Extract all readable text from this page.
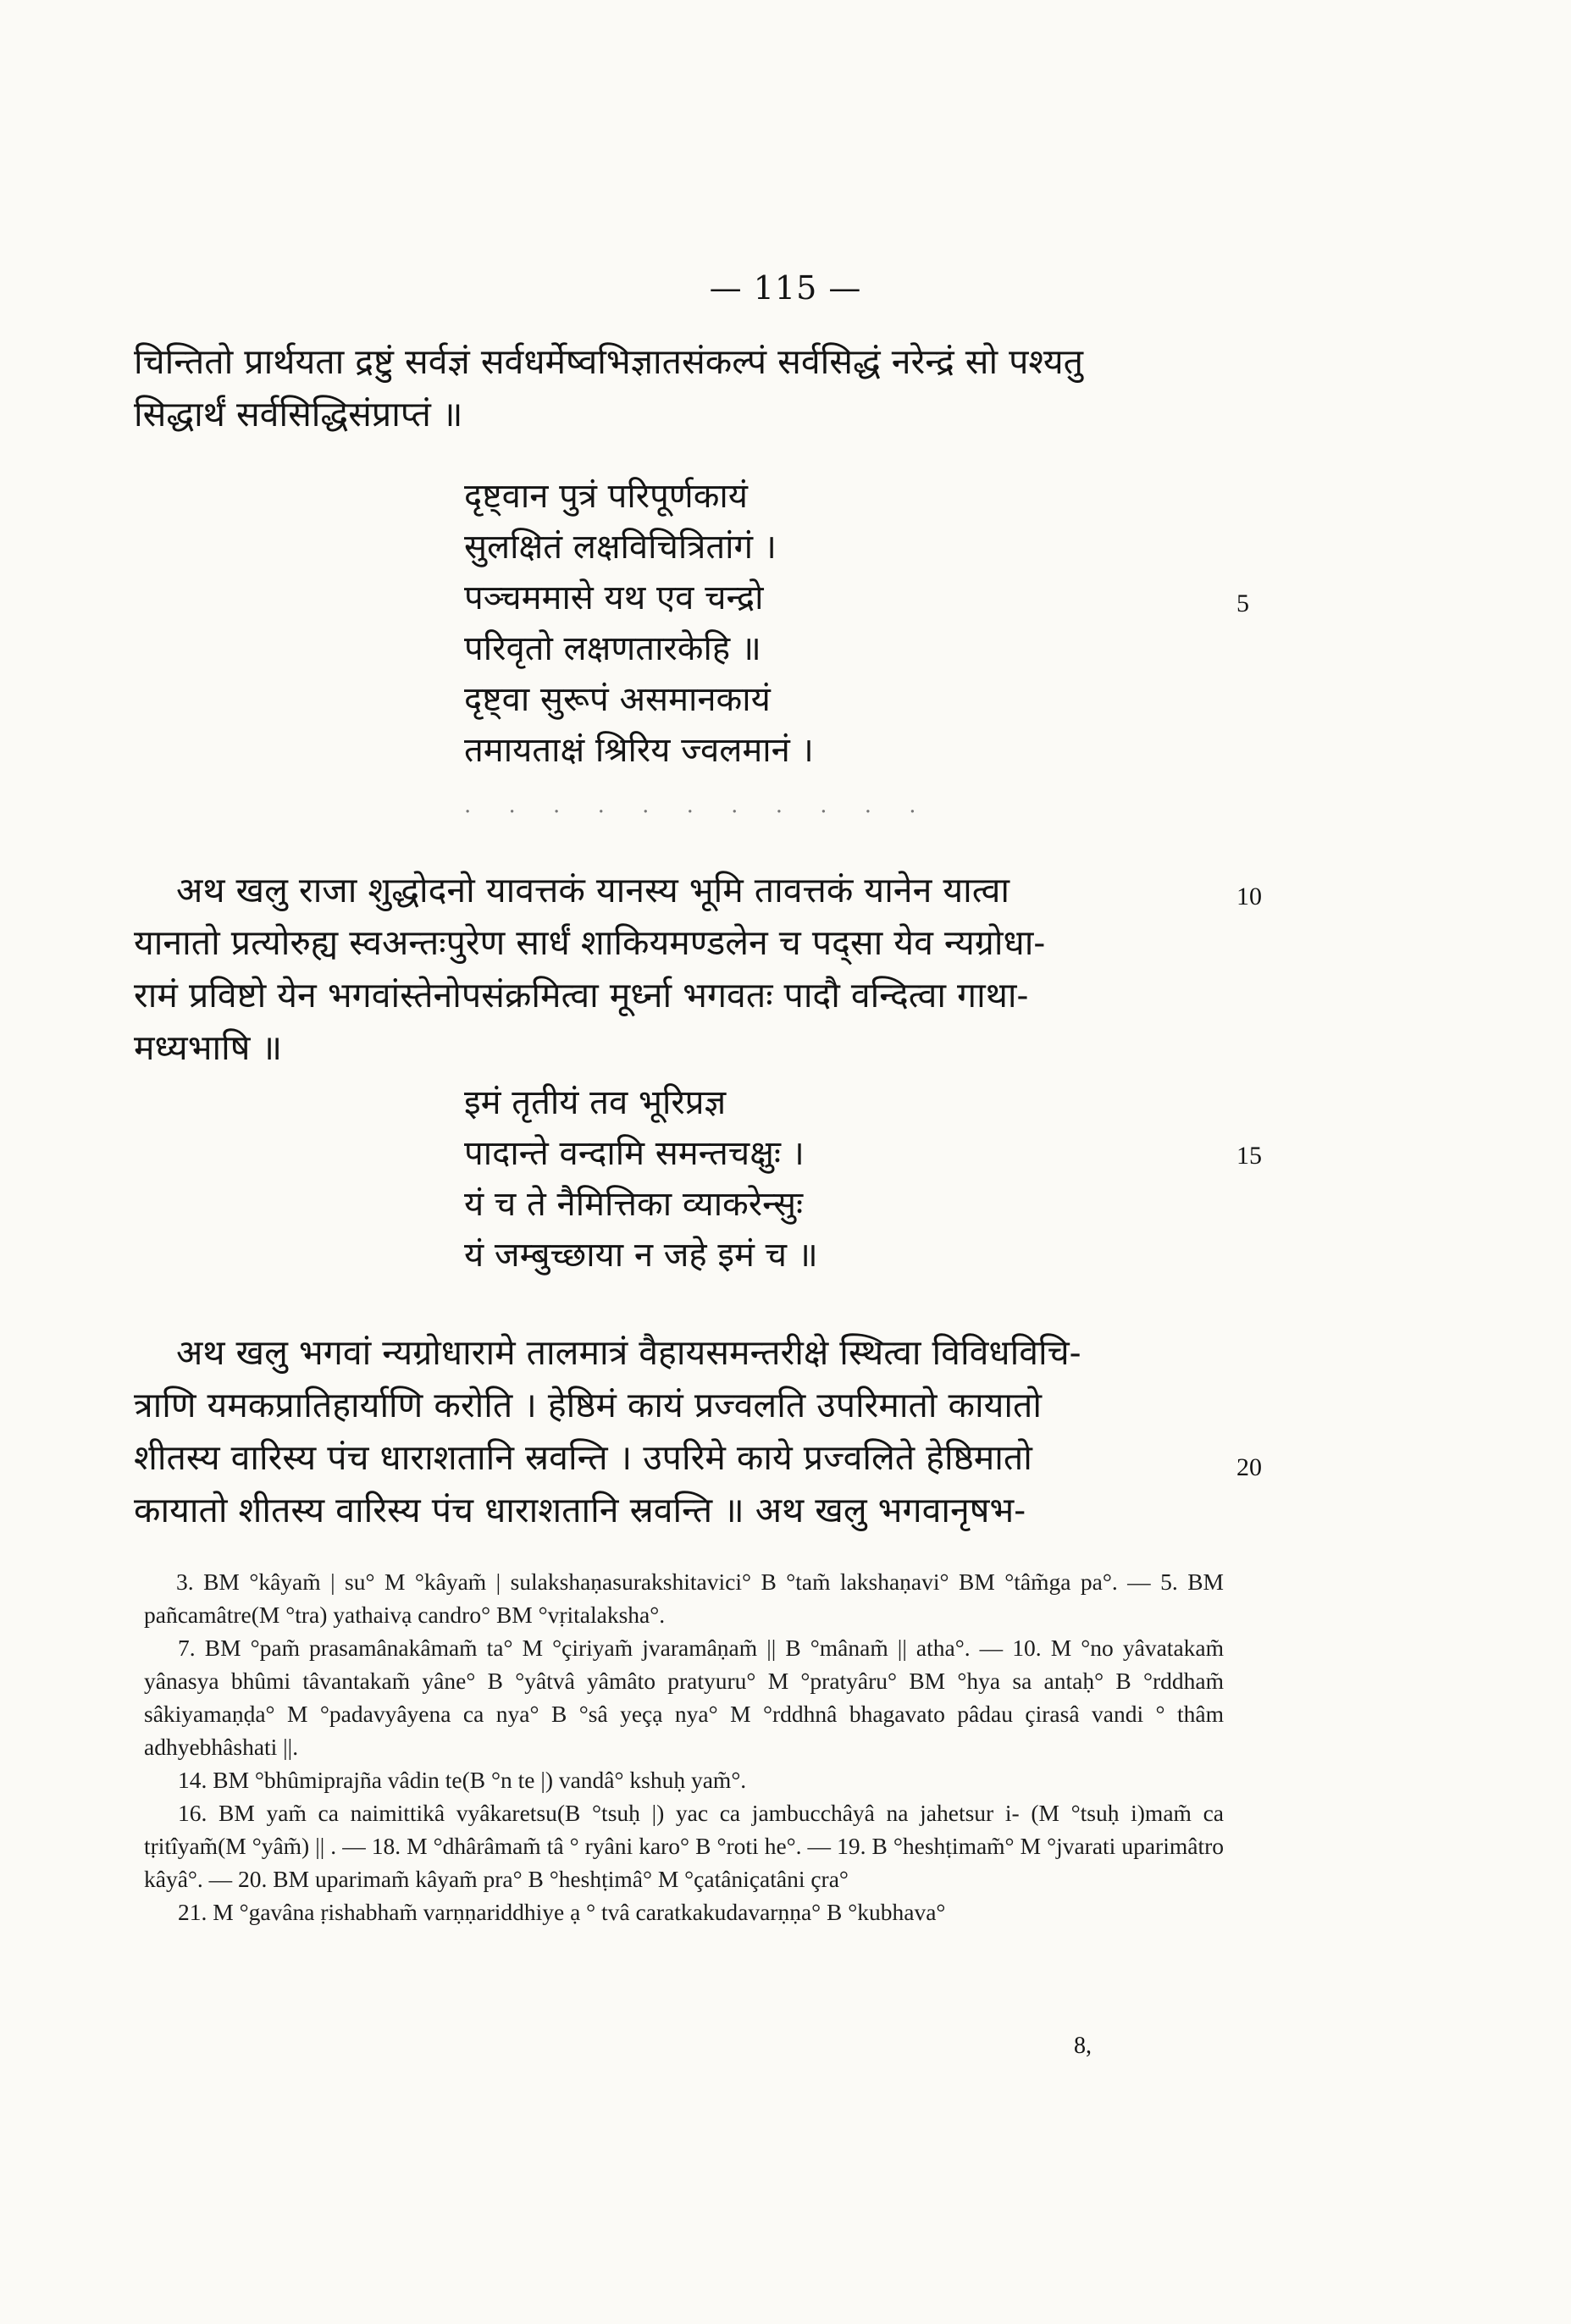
— 115 —
चिन्तितो प्रार्थयता द्रष्टुं सर्वज्ञं सर्वधर्मेष्वभिज्ञातसंकल्पं सर्वसिद्धं नरेन्द्रं सो पश्यतु
सिद्धार्थं सर्वसिद्धिसंप्राप्तं ॥
दृष्ट्वान पुत्रं परिपूर्णकायं
सुलक्षितं लक्षविचित्रितांगं ।
पञ्चममासे यथ एव चन्द्रो
परिवृतो लक्षणतारकेहि ॥
दृष्ट्वा सुरूपं असमानकायं
तमायताक्षं श्रिरिय ज्वलमानं ।
5
. . . . . . . . . . .
अथ खलु राजा शुद्धोदनो यावत्तकं यानस्य भूमि तावत्तकं यानेन यात्वा
यानातो प्रत्योरुह्य स्वअन्तःपुरेण सार्धं शाकियमण्डलेन च पद्सा येव न्यग्रोधा-
रामं प्रविष्टो येन भगवांस्तेनोपसंक्रमित्वा मूर्ध्ना भगवतः पादौ वन्दित्वा गाथा-
मध्यभाषि ॥
10
इमं तृतीयं तव भूरिप्रज्ञ
पादान्ते वन्दामि समन्तचक्षुः ।
यं च ते नैमित्तिका व्याकरेन्सुः
यं जम्बुच्छाया न जहे इमं च ॥
15
अथ खलु भगवां न्यग्रोधारामे तालमात्रं वैहायसमन्तरीक्षे स्थित्वा विविधविचि-
त्राणि यमकप्रातिहार्याणि करोति । हेष्ठिमं कायं प्रज्वलति उपरिमातो कायातो
शीतस्य वारिस्य पंच धाराशतानि स्रवन्ति । उपरिमे काये प्रज्वलिते हेष्ठिमातो
कायातो शीतस्य वारिस्य पंच धाराशतानि स्रवन्ति ॥ अथ खलु भगवानृषभ-
20

3. BM °kâyam̃ | su° M °kâyam̃ | sulakshaṇasurakshitavici° B °tam̃ lakshaṇavi° BM °tâm̃ga pa°. — 5. BM pañcamâtre(M °tra) yathaivạ candro° BM °vṛitalaksha°.

7. BM °pam̃ prasamânakâmam̃ ta° M °çiriyam̃ jvaramâṇam̃ || B °mânam̃ || atha°. — 10. M °no yâvatakam̃ yânasya bhûmi tâvantakam̃ yâne° B °yâtvâ yâmâto pratyuru° M °pratyâru° BM °hya sa antaḥ° B °rddham̃ sâkiyamaṇḍa° M °padavyâyena ca nya° B °sâ yeçạ nya° M °rddhnâ bhagavato pâdau çirasâ vandi ° thâm adhyebhâshati ||.

14. BM °bhûmiprajña vâdin te(B °n te |) vandâ° kshuḥ yam̃°.

16. BM yam̃ ca naimittikâ vyâkaretsu(B °tsuḥ |) yac ca jambucchâyâ na jahetsur i- (M °tsuḥ i)mam̃ ca tṛitîyam̃(M °yâm̃) || . — 18. M °dhârâmam̃ tâ ° ryâni karo° B °roti he°. — 19. B °heshṭimam̃° M °jvarati uparimâtro kâyâ°. — 20. BM uparimam̃ kâyam̃ pra° B °heshṭimâ° M °çatâniçatâni çra°

21. M °gavâna ṛishabham̃ varṇṇariddhiye ạ ° tvâ caratkakudavarṇṇa° B °kubhava°

8,
